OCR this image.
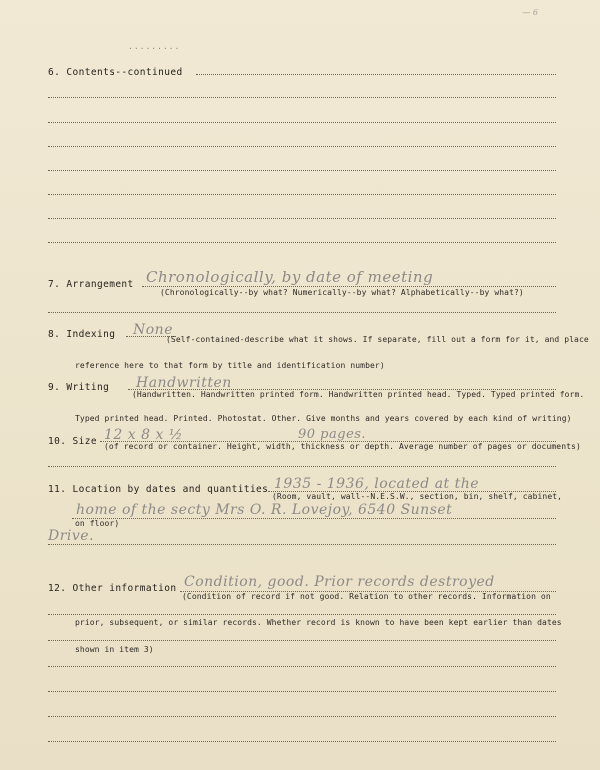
— 6
.........
6. Contents--continued
7. Arrangement Chronologically, by date of meeting
(Chronologically--by what? Numerically--by what? Alphabetically--by what?)
8. Indexing None
(Self-contained-describe what it shows. If separate, fill out a form for it, and place
reference here to that form by title and identification number)
9. Writing Handwritten
(Handwritten. Handwritten printed form. Handwritten printed head. Typed. Typed printed form.
Typed printed head. Printed. Photostat. Other. Give months and years covered by each kind of writing)
10. Size 12 x 8 x ½	90 pages.
(of record or container. Height, width, thickness or depth. Average number of pages or documents)
11. Location by dates and quantities 1935 - 1936, located at the
(Room, vault, wall--N.E.S.W., section, bin, shelf, cabinet,
home of the secty Mrs O. R. Lovejoy, 6540 Sunset
on floor)
Drive.
12. Other information Condition, good. Prior records destroyed
(Condition of record if not good. Relation to other records. Information on
prior, subsequent, or similar records. Whether record is known to have been kept earlier than dates
shown in item 3)
